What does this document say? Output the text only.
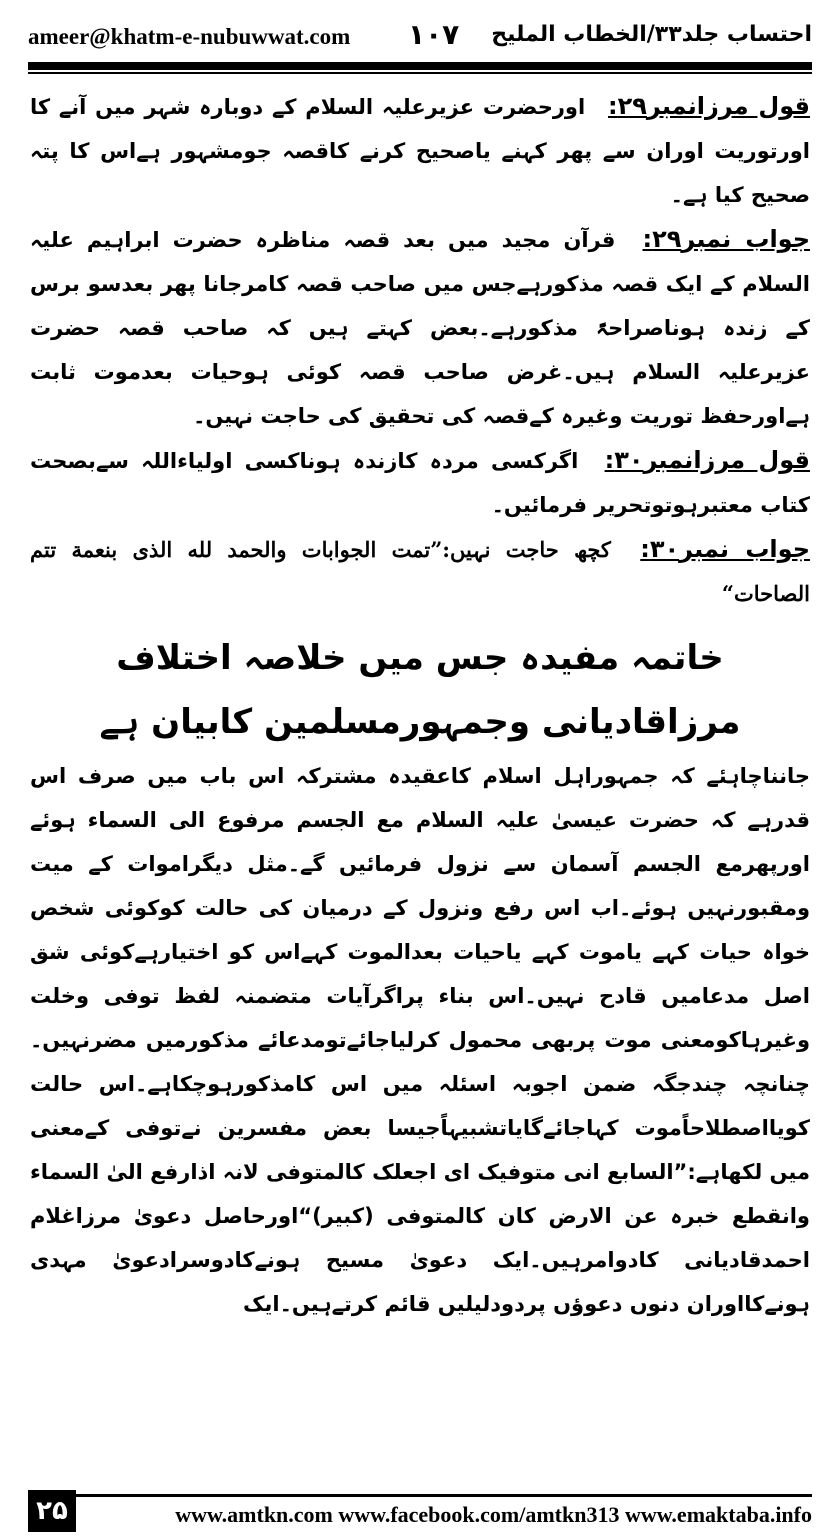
ameer@khatm-e-nubuwwat.com ۱۰۷ احتساب جلد۳۳/الخطاب الملیح

قول مرزانمبر۲۹: اورحضرت عزیرعلیہ السلام کے دوبارہ شہر میں آنے کا اورتوریت اوران سے پھر کہنے یاصحیح کرنے کاقصہ جومشہور ہےاس کا پتہ صحیح کیا ہے۔

جواب نمبر۲۹: قرآن مجید میں بعد قصہ مناظرہ حضرت ابراہیم علیہ السلام کے ایک قصہ مذکورہےجس میں صاحب قصہ کامرجانا پھر بعدسو برس کے زندہ ہوناصراحۃً مذکورہے۔بعض کہتے ہیں کہ صاحب قصہ حضرت عزیرعلیہ السلام ہیں۔غرض صاحب قصہ کوئی ہوحیات بعدموت ثابت ہےاورحفظ توریت وغیرہ کےقصہ کی تحقیق کی حاجت نہیں۔

قول مرزانمبر۳۰: اگرکسی مردہ کازندہ ہوناکسی اولیاءاللہ سےبصحت کتاب معتبرہوتوتحریر فرمائیں۔

جواب نمبر۳۰: کچھ حاجت نہیں:”تمت الجوابات والحمد لله الذی بنعمة تتم الصاحات“

خاتمہ مفیدہ جس میں خلاصہ اختلاف
مرزاقادیانی وجمہورمسلمین کابیان ہے

جانناچاہئے کہ جمہوراہل اسلام کاعقیدہ مشترکہ اس باب میں صرف اس قدرہے کہ حضرت عیسیٰ علیہ السلام مع الجسم مرفوع الی السماء ہوئے اورپھرمع الجسم آسمان سے نزول فرمائیں گے۔مثل دیگراموات کے میت ومقبورنہیں ہوئے۔اب اس رفع ونزول کے درمیان کی حالت کوکوئی شخص خواہ حیات کہے یاموت کہے یاحیات بعدالموت کہےاس کو اختیارہےکوئی شق اصل مدعامیں قادح نہیں۔اس بناء پراگرآیات متضمنہ لفظ توفی وخلت وغیرہاکومعنی موت پربھی محمول کرلیاجائےتومدعائے مذکورمیں مضرنہیں۔چنانچہ چندجگہ ضمن اجوبہ اسئلہ میں اس کامذکورہوچکاہے۔اس حالت کویااصطلاحاًموت کہاجائےگایاتشبیہاًجیسا بعض مفسرین نےتوفی کےمعنی میں لکھاہے:”السابع انی متوفیک ای اجعلک کالمتوفی لانہ اذارفع الیٰ السماء وانقطع خبرہ عن الارض کان کالمتوفی (کبیر)“اورحاصل دعویٰ مرزاغلام احمدقادیانی کادوامرہیں۔ایک دعویٰ مسیح ہونےکادوسرادعویٰ مہدی ہونےکااوران دنوں دعوؤں پردودلیلیں قائم کرتےہیں۔ایک

۲۵	www.amtkn.com www.facebook.com/amtkn313 www.emaktaba.info
